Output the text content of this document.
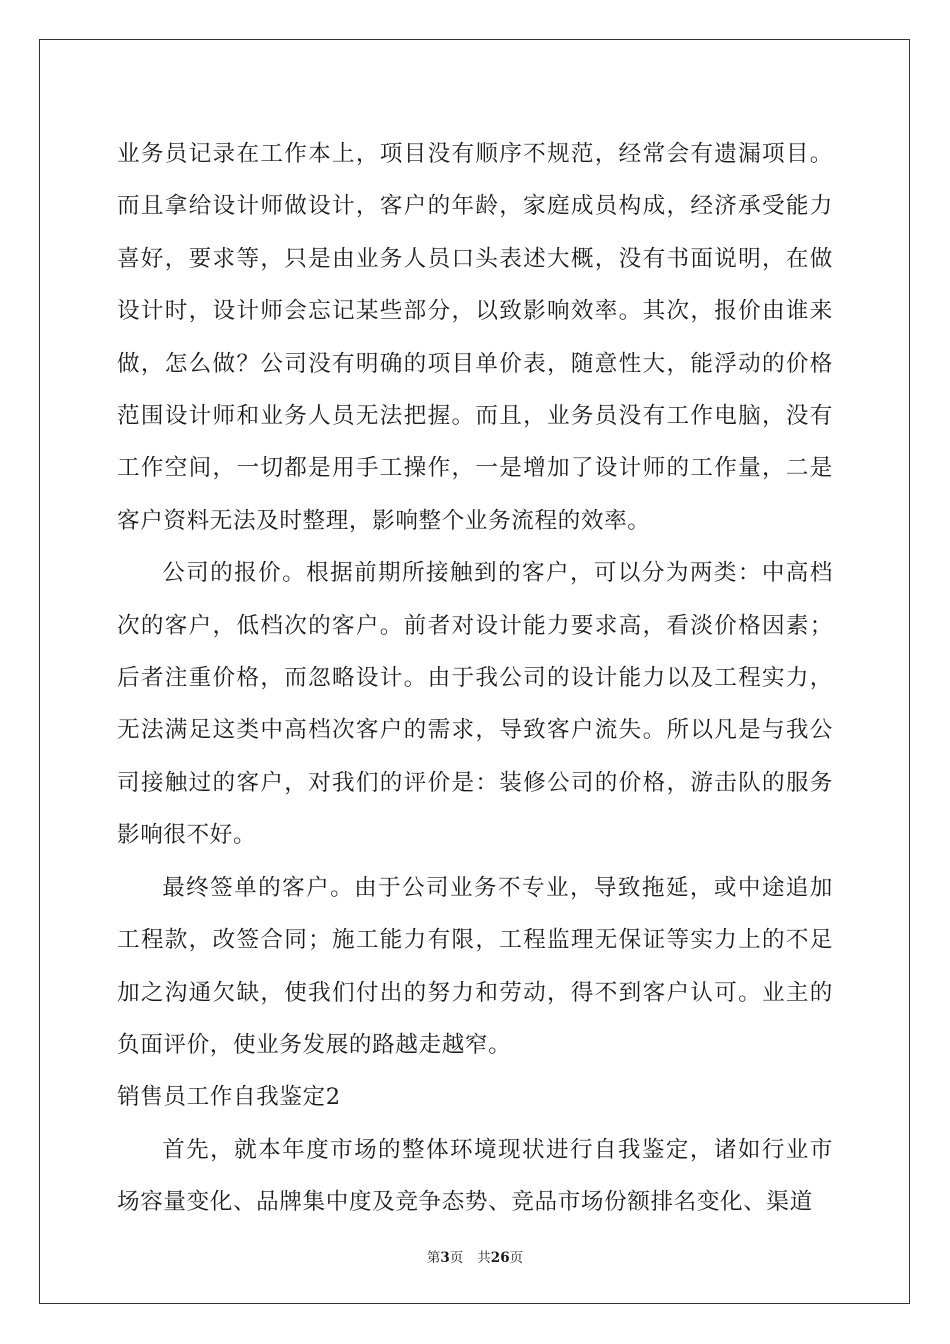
业务员记录在工作本上，项目没有顺序不规范，经常会有遗漏项目。而且拿给设计师做设计，客户的年龄，家庭成员构成，经济承受能力喜好，要求等，只是由业务人员口头表述大概，没有书面说明，在做设计时，设计师会忘记某些部分，以致影响效率。其次，报价由谁来做，怎么做？公司没有明确的项目单价表，随意性大，能浮动的价格范围设计师和业务人员无法把握。而且，业务员没有工作电脑，没有工作空间，一切都是用手工操作，一是增加了设计师的工作量，二是客户资料无法及时整理，影响整个业务流程的效率。

公司的报价。根据前期所接触到的客户，可以分为两类：中高档次的客户，低档次的客户。前者对设计能力要求高，看淡价格因素；后者注重价格，而忽略设计。由于我公司的设计能力以及工程实力，无法满足这类中高档次客户的需求，导致客户流失。所以凡是与我公司接触过的客户，对我们的评价是：装修公司的价格，游击队的服务影响很不好。

最终签单的客户。由于公司业务不专业，导致拖延，或中途追加工程款，改签合同；施工能力有限，工程监理无保证等实力上的不足加之沟通欠缺，使我们付出的努力和劳动，得不到客户认可。业主的负面评价，使业务发展的路越走越窄。

销售员工作自我鉴定2

首先，就本年度市场的整体环境现状进行自我鉴定，诸如行业市场容量变化、品牌集中度及竞争态势、竞品市场份额排名变化、渠道

第3页 共26页
